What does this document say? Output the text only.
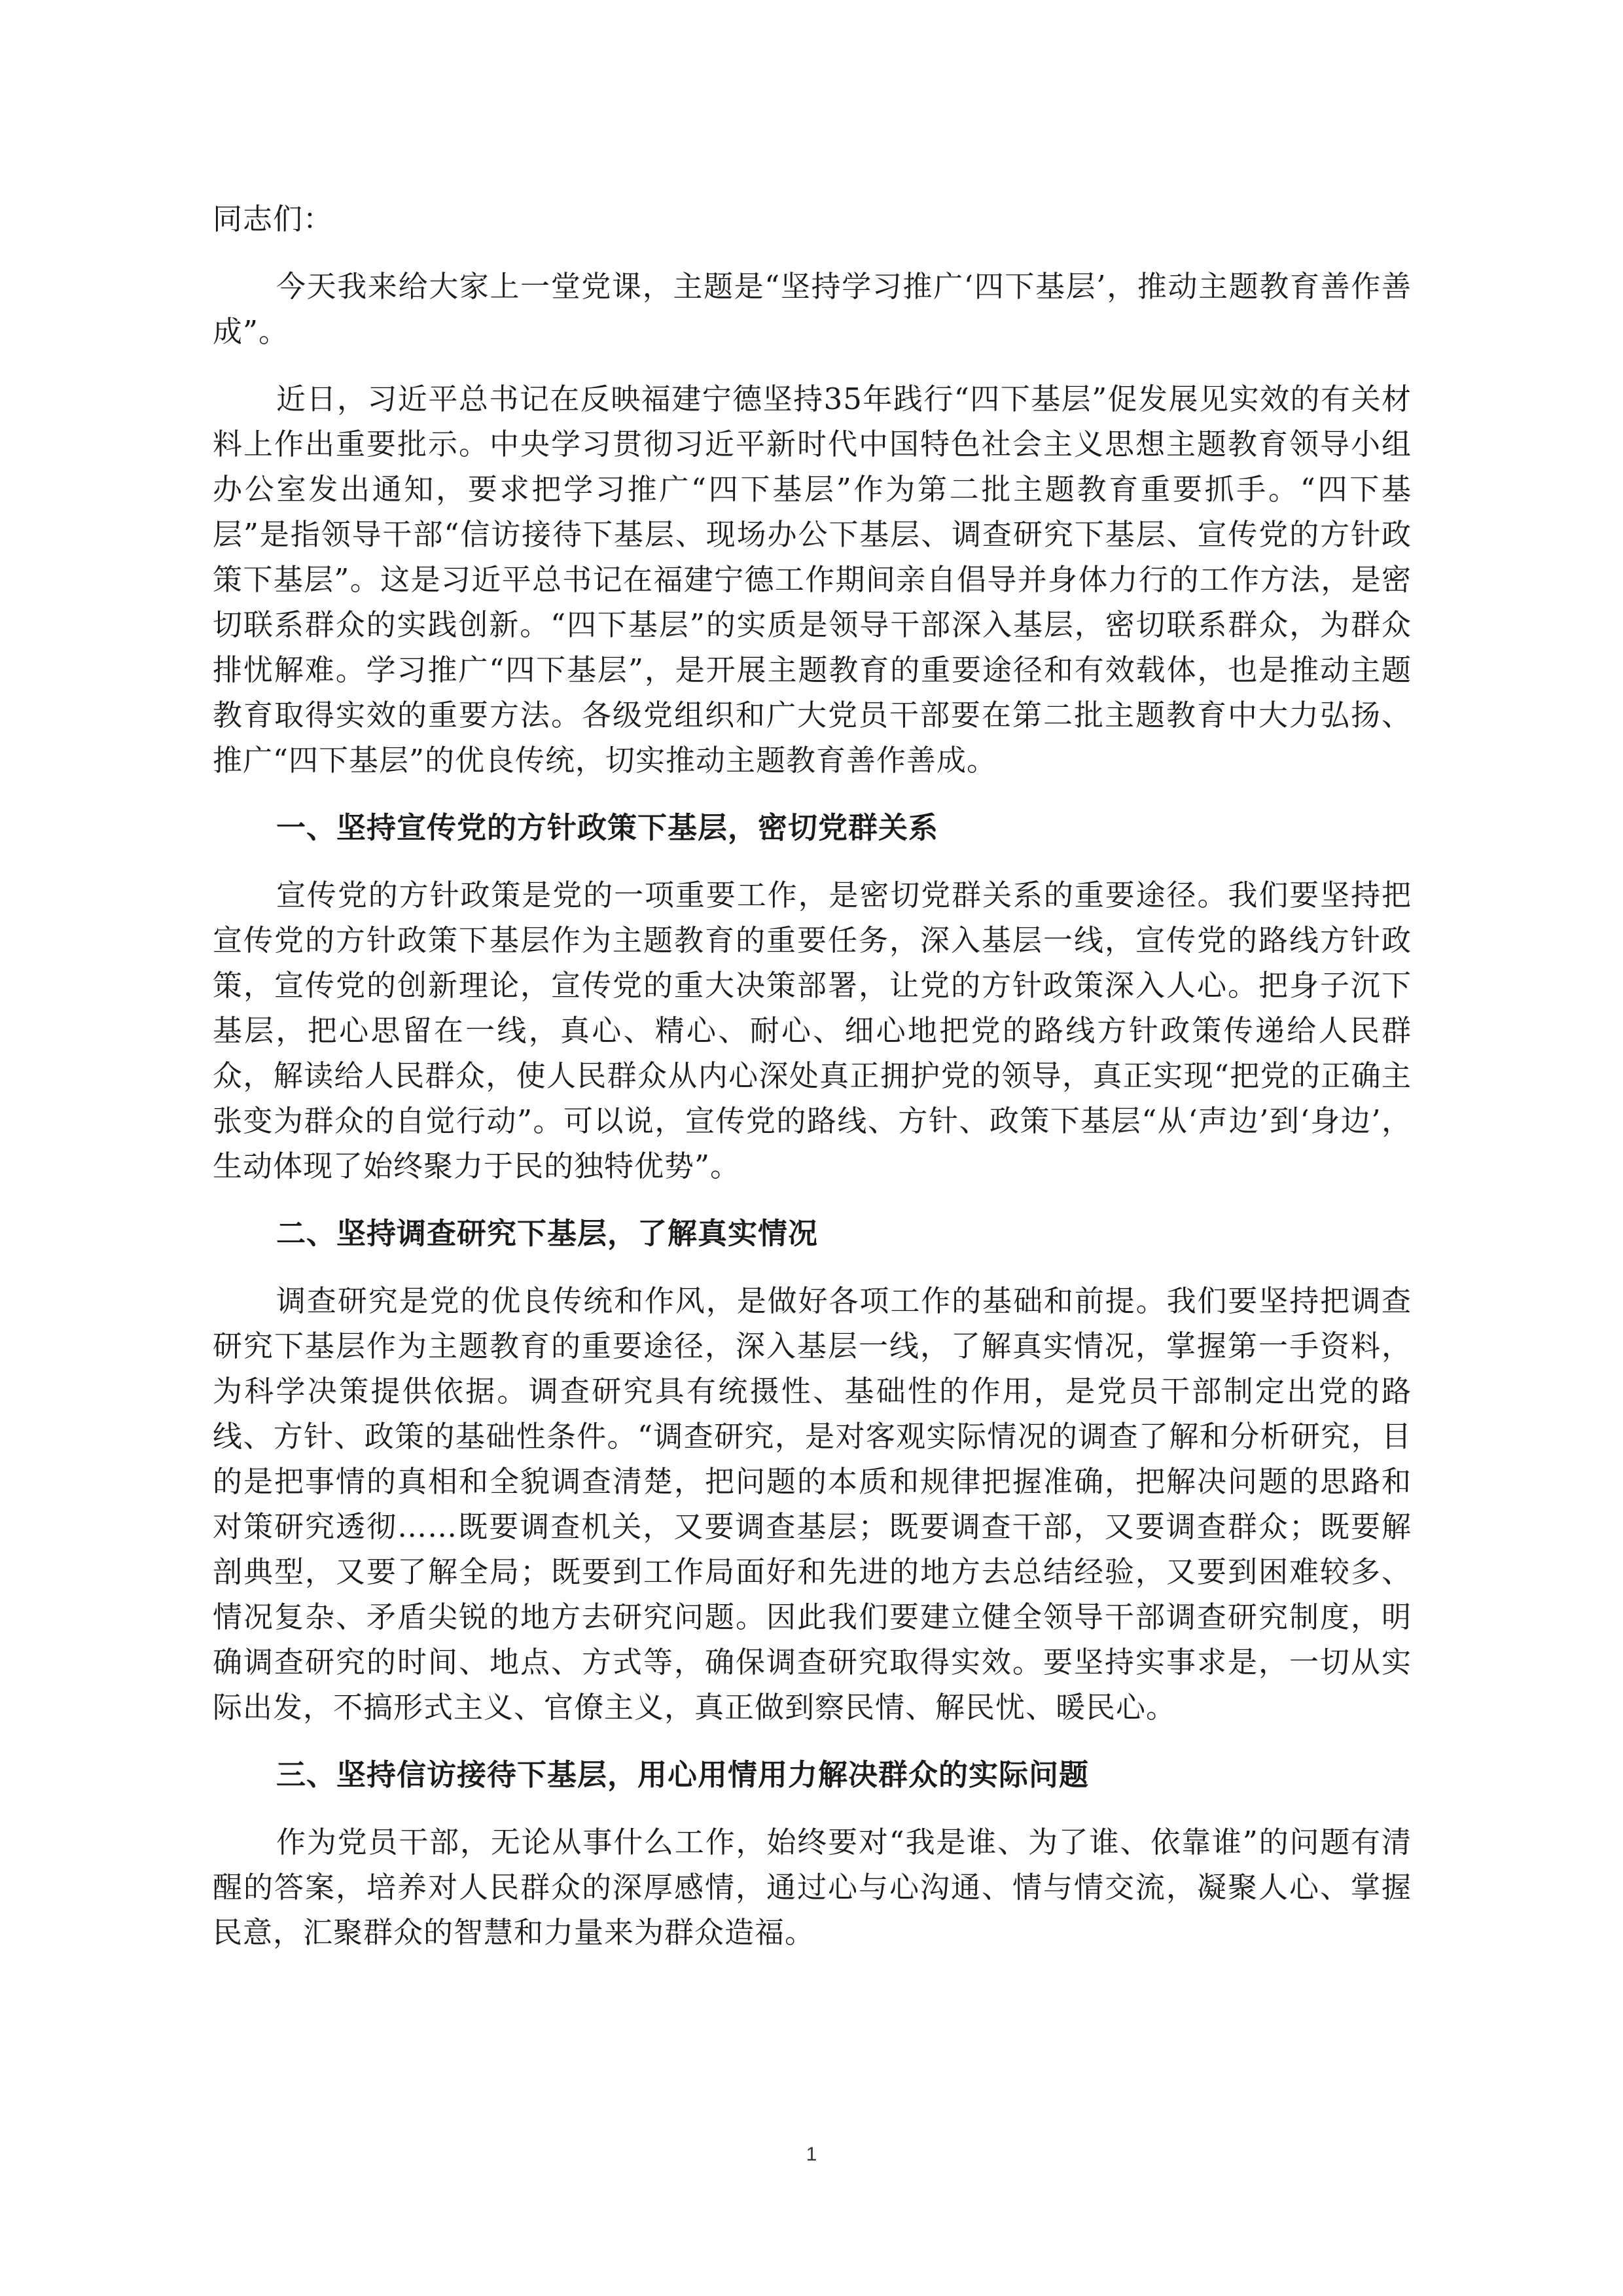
同志们：

今天我来给大家上一堂党课，主题是“坚持学习推广‘四下基层’，推动主题教育善作善成”。

近日，习近平总书记在反映福建宁德坚持35年践行“四下基层”促发展见实效的有关材料上作出重要批示。中央学习贯彻习近平新时代中国特色社会主义思想主题教育领导小组办公室发出通知，要求把学习推广“四下基层”作为第二批主题教育重要抓手。“四下基层”是指领导干部“信访接待下基层、现场办公下基层、调查研究下基层、宣传党的方针政策下基层”。这是习近平总书记在福建宁德工作期间亲自倡导并身体力行的工作方法，是密切联系群众的实践创新。“四下基层”的实质是领导干部深入基层，密切联系群众，为群众排忧解难。学习推广“四下基层”，是开展主题教育的重要途径和有效载体，也是推动主题教育取得实效的重要方法。各级党组织和广大党员干部要在第二批主题教育中大力弘扬、推广“四下基层”的优良传统，切实推动主题教育善作善成。

一、坚持宣传党的方针政策下基层，密切党群关系

宣传党的方针政策是党的一项重要工作，是密切党群关系的重要途径。我们要坚持把宣传党的方针政策下基层作为主题教育的重要任务，深入基层一线，宣传党的路线方针政策，宣传党的创新理论，宣传党的重大决策部署，让党的方针政策深入人心。把身子沉下基层，把心思留在一线，真心、精心、耐心、细心地把党的路线方针政策传递给人民群众，解读给人民群众，使人民群众从内心深处真正拥护党的领导，真正实现“把党的正确主张变为群众的自觉行动”。可以说，宣传党的路线、方针、政策下基层“从‘声边’到‘身边’，生动体现了始终聚力于民的独特优势”。

二、坚持调查研究下基层，了解真实情况

调查研究是党的优良传统和作风，是做好各项工作的基础和前提。我们要坚持把调查研究下基层作为主题教育的重要途径，深入基层一线，了解真实情况，掌握第一手资料，为科学决策提供依据。调查研究具有统摄性、基础性的作用，是党员干部制定出党的路线、方针、政策的基础性条件。“调查研究，是对客观实际情况的调查了解和分析研究，目的是把事情的真相和全貌调查清楚，把问题的本质和规律把握准确，把解决问题的思路和对策研究透彻……既要调查机关，又要调查基层；既要调查干部，又要调查群众；既要解剖典型，又要了解全局；既要到工作局面好和先进的地方去总结经验，又要到困难较多、情况复杂、矛盾尖锐的地方去研究问题。因此我们要建立健全领导干部调查研究制度，明确调查研究的时间、地点、方式等，确保调查研究取得实效。要坚持实事求是，一切从实际出发，不搞形式主义、官僚主义，真正做到察民情、解民忧、暖民心。

三、坚持信访接待下基层，用心用情用力解决群众的实际问题

作为党员干部，无论从事什么工作，始终要对“我是谁、为了谁、依靠谁”的问题有清醒的答案，培养对人民群众的深厚感情，通过心与心沟通、情与情交流，凝聚人心、掌握民意，汇聚群众的智慧和力量来为群众造福。

1
